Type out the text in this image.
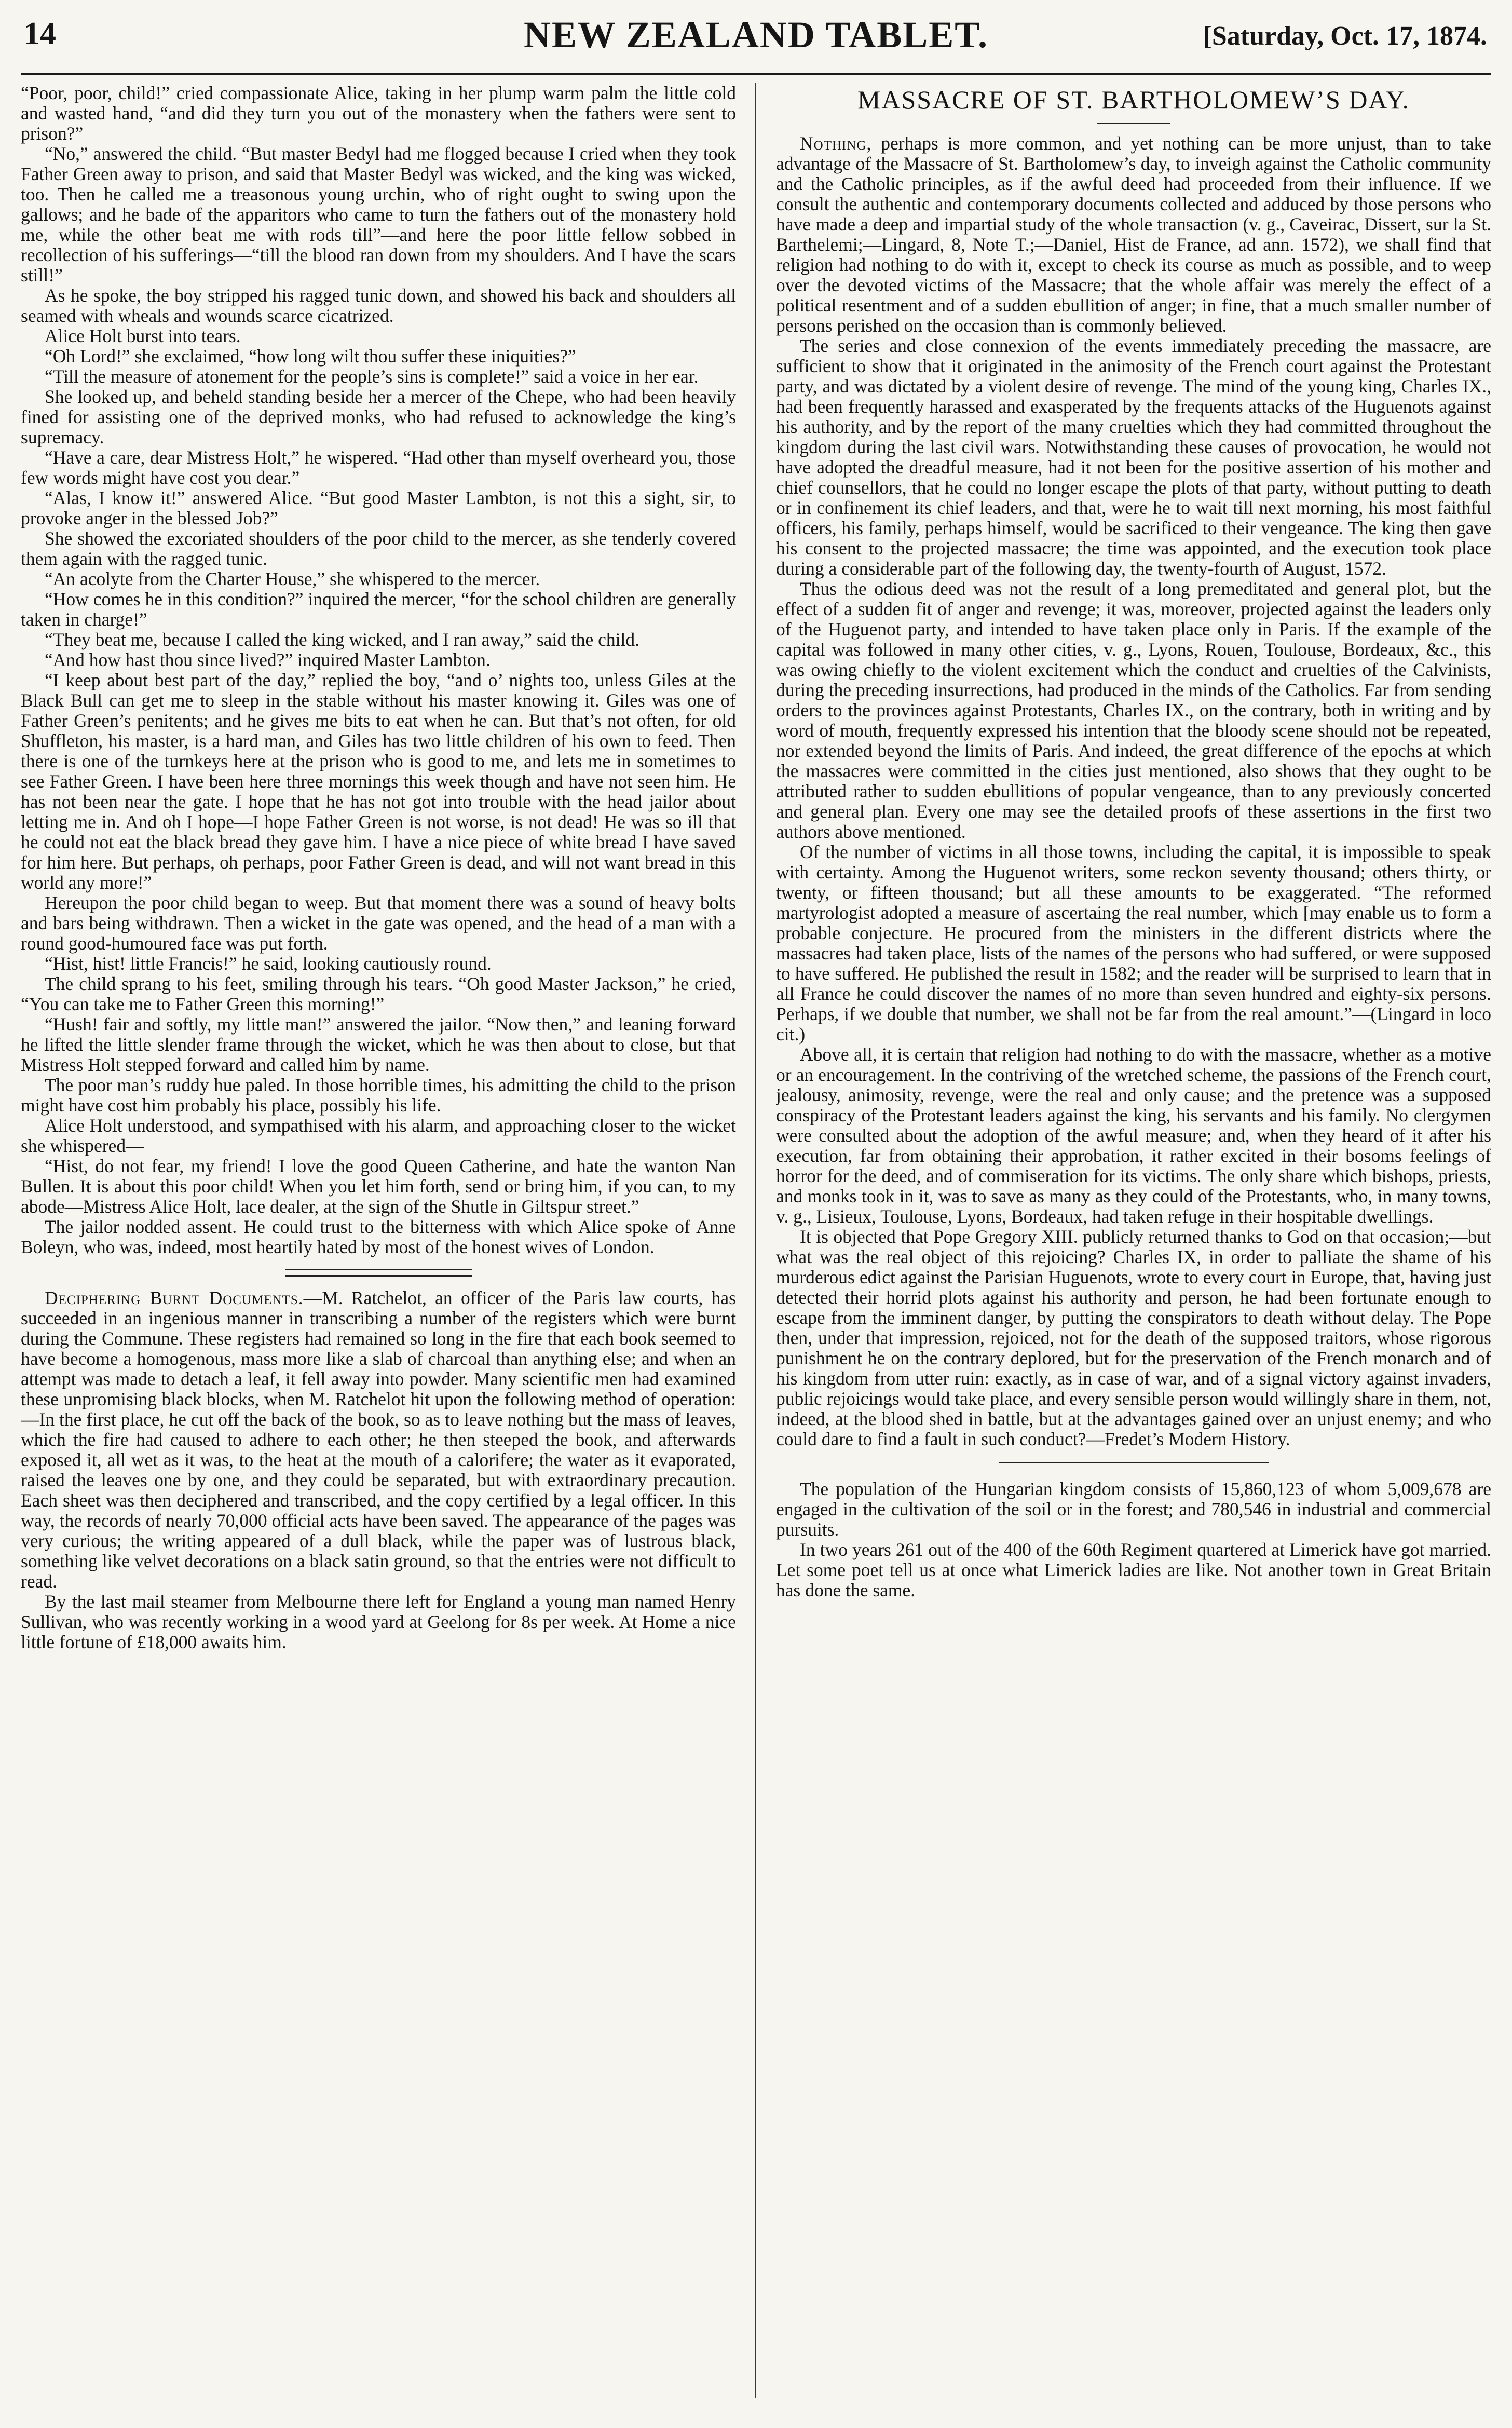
14	NEW ZEALAND TABLET.	[Saturday, Oct. 17, 1874.

“Poor, poor, child!” cried compassionate Alice, taking in her plump warm palm the little cold and wasted hand, “and did they turn you out of the monastery when the fathers were sent to prison?”

“No,” answered the child. “But master Bedyl had me flogged because I cried when they took Father Green away to prison, and said that Master Bedyl was wicked, and the king was wicked, too. Then he called me a treasonous young urchin, who of right ought to swing upon the gallows; and he bade of the apparitors who came to turn the fathers out of the monastery hold me, while the other beat me with rods till”—and here the poor little fellow sobbed in recollection of his sufferings—“till the blood ran down from my shoulders. And I have the scars still!”

As he spoke, the boy stripped his ragged tunic down, and showed his back and shoulders all seamed with wheals and wounds scarce cicatrized.

Alice Holt burst into tears.

“Oh Lord!” she exclaimed, “how long wilt thou suffer these iniquities?”

“Till the measure of atonement for the people’s sins is complete!” said a voice in her ear.

She looked up, and beheld standing beside her a mercer of the Chepe, who had been heavily fined for assisting one of the deprived monks, who had refused to acknowledge the king’s supremacy.

“Have a care, dear Mistress Holt,” he wispered. “Had other than myself overheard you, those few words might have cost you dear.”

“Alas, I know it!” answered Alice. “But good Master Lambton, is not this a sight, sir, to provoke anger in the blessed Job?”

She showed the excoriated shoulders of the poor child to the mercer, as she tenderly covered them again with the ragged tunic.

“An acolyte from the Charter House,” she whispered to the mercer.

“How comes he in this condition?” inquired the mercer, “for the school children are generally taken in charge!”

“They beat me, because I called the king wicked, and I ran away,” said the child.

“And how hast thou since lived?” inquired Master Lambton.

“I keep about best part of the day,” replied the boy, “and o’ nights too, unless Giles at the Black Bull can get me to sleep in the stable without his master knowing it. Giles was one of Father Green’s penitents; and he gives me bits to eat when he can. But that’s not often, for old Shuffleton, his master, is a hard man, and Giles has two little children of his own to feed. Then there is one of the turnkeys here at the prison who is good to me, and lets me in sometimes to see Father Green. I have been here three mornings this week though and have not seen him. He has not been near the gate. I hope that he has not got into trouble with the head jailor about letting me in. And oh I hope—I hope Father Green is not worse, is not dead! He was so ill that he could not eat the black bread they gave him. I have a nice piece of white bread I have saved for him here. But perhaps, oh perhaps, poor Father Green is dead, and will not want bread in this world any more!”

Hereupon the poor child began to weep. But that moment there was a sound of heavy bolts and bars being withdrawn. Then a wicket in the gate was opened, and the head of a man with a round good-humoured face was put forth.

“Hist, hist! little Francis!” he said, looking cautiously round.

The child sprang to his feet, smiling through his tears. “Oh good Master Jackson,” he cried, “You can take me to Father Green this morning!”

“Hush! fair and softly, my little man!” answered the jailor. “Now then,” and leaning forward he lifted the little slender frame through the wicket, which he was then about to close, but that Mistress Holt stepped forward and called him by name.

The poor man’s ruddy hue paled. In those horrible times, his admitting the child to the prison might have cost him probably his place, possibly his life.

Alice Holt understood, and sympathised with his alarm, and approaching closer to the wicket she whispered—

“Hist, do not fear, my friend! I love the good Queen Catherine, and hate the wanton Nan Bullen. It is about this poor child! When you let him forth, send or bring him, if you can, to my abode—Mistress Alice Holt, lace dealer, at the sign of the Shutle in Giltspur street.”

The jailor nodded assent. He could trust to the bitterness with which Alice spoke of Anne Boleyn, who was, indeed, most heartily hated by most of the honest wives of London.

Deciphering Burnt Documents.—M. Ratchelot, an officer of the Paris law courts, has succeeded in an ingenious manner in transcribing a number of the registers which were burnt during the Commune. These registers had remained so long in the fire that each book seemed to have become a homogenous, mass more like a slab of charcoal than anything else; and when an attempt was made to detach a leaf, it fell away into powder. Many scientific men had examined these unpromising black blocks, when M. Ratchelot hit upon the following method of operation:—In the first place, he cut off the back of the book, so as to leave nothing but the mass of leaves, which the fire had caused to adhere to each other; he then steeped the book, and afterwards exposed it, all wet as it was, to the heat at the mouth of a calorifere; the water as it evaporated, raised the leaves one by one, and they could be separated, but with extraordinary precaution. Each sheet was then deciphered and transcribed, and the copy certified by a legal officer. In this way, the records of nearly 70,000 official acts have been saved. The appearance of the pages was very curious; the writing appeared of a dull black, while the paper was of lustrous black, something like velvet decorations on a black satin ground, so that the entries were not difficult to read.

By the last mail steamer from Melbourne there left for England a young man named Henry Sullivan, who was recently working in a wood yard at Geelong for 8s per week. At Home a nice little fortune of £18,000 awaits him.

MASSACRE OF ST. BARTHOLOMEW’S DAY.

Nothing, perhaps is more common, and yet nothing can be more unjust, than to take advantage of the Massacre of St. Bartholomew’s day, to inveigh against the Catholic community and the Catholic principles, as if the awful deed had proceeded from their influence. If we consult the authentic and contemporary documents collected and adduced by those persons who have made a deep and impartial study of the whole transaction (v. g., Caveirac, Dissert, sur la St. Barthelemi;—Lingard, 8, Note T.;—Daniel, Hist de France, ad ann. 1572), we shall find that religion had nothing to do with it, except to check its course as much as possible, and to weep over the devoted victims of the Massacre; that the whole affair was merely the effect of a political resentment and of a sudden ebullition of anger; in fine, that a much smaller number of persons perished on the occasion than is commonly believed.

The series and close connexion of the events immediately preceding the massacre, are sufficient to show that it originated in the animosity of the French court against the Protestant party, and was dictated by a violent desire of revenge. The mind of the young king, Charles IX., had been frequently harassed and exasperated by the frequents attacks of the Huguenots against his authority, and by the report of the many cruelties which they had committed throughout the kingdom during the last civil wars. Notwithstanding these causes of provocation, he would not have adopted the dreadful measure, had it not been for the positive assertion of his mother and chief counsellors, that he could no longer escape the plots of that party, without putting to death or in confinement its chief leaders, and that, were he to wait till next morning, his most faithful officers, his family, perhaps himself, would be sacrificed to their vengeance. The king then gave his consent to the projected massacre; the time was appointed, and the execution took place during a considerable part of the following day, the twenty-fourth of August, 1572.

Thus the odious deed was not the result of a long premeditated and general plot, but the effect of a sudden fit of anger and revenge; it was, moreover, projected against the leaders only of the Huguenot party, and intended to have taken place only in Paris. If the example of the capital was followed in many other cities, v. g., Lyons, Rouen, Toulouse, Bordeaux, &c., this was owing chiefly to the violent excitement which the conduct and cruelties of the Calvinists, during the preceding insurrections, had produced in the minds of the Catholics. Far from sending orders to the provinces against Protestants, Charles IX., on the contrary, both in writing and by word of mouth, frequently expressed his intention that the bloody scene should not be repeated, nor extended beyond the limits of Paris. And indeed, the great difference of the epochs at which the massacres were committed in the cities just mentioned, also shows that they ought to be attributed rather to sudden ebullitions of popular vengeance, than to any previously concerted and general plan. Every one may see the detailed proofs of these assertions in the first two authors above mentioned.

Of the number of victims in all those towns, including the capital, it is impossible to speak with certainty. Among the Huguenot writers, some reckon seventy thousand; others thirty, or twenty, or fifteen thousand; but all these amounts to be exaggerated. “The reformed martyrologist adopted a measure of ascertaing the real number, which [may enable us to form a probable conjecture. He procured from the ministers in the different districts where the massacres had taken place, lists of the names of the persons who had suffered, or were supposed to have suffered. He published the result in 1582; and the reader will be surprised to learn that in all France he could discover the names of no more than seven hundred and eighty-six persons. Perhaps, if we double that number, we shall not be far from the real amount.”—(Lingard in loco cit.)

Above all, it is certain that religion had nothing to do with the massacre, whether as a motive or an encouragement. In the contriving of the wretched scheme, the passions of the French court, jealousy, animosity, revenge, were the real and only cause; and the pretence was a supposed conspiracy of the Protestant leaders against the king, his servants and his family. No clergymen were consulted about the adoption of the awful measure; and, when they heard of it after his execution, far from obtaining their approbation, it rather excited in their bosoms feelings of horror for the deed, and of commiseration for its victims. The only share which bishops, priests, and monks took in it, was to save as many as they could of the Protestants, who, in many towns, v. g., Lisieux, Toulouse, Lyons, Bordeaux, had taken refuge in their hospitable dwellings.

It is objected that Pope Gregory XIII. publicly returned thanks to God on that occasion;—but what was the real object of this rejoicing? Charles IX, in order to palliate the shame of his murderous edict against the Parisian Huguenots, wrote to every court in Europe, that, having just detected their horrid plots against his authority and person, he had been fortunate enough to escape from the imminent danger, by putting the conspirators to death without delay. The Pope then, under that impression, rejoiced, not for the death of the supposed traitors, whose rigorous punishment he on the contrary deplored, but for the preservation of the French monarch and of his kingdom from utter ruin: exactly, as in case of war, and of a signal victory against invaders, public rejoicings would take place, and every sensible person would willingly share in them, not, indeed, at the blood shed in battle, but at the advantages gained over an unjust enemy; and who could dare to find a fault in such conduct?—Fredet’s Modern History.

The population of the Hungarian kingdom consists of 15,860,123 of whom 5,009,678 are engaged in the cultivation of the soil or in the forest; and 780,546 in industrial and commercial pursuits.

In two years 261 out of the 400 of the 60th Regiment quartered at Limerick have got married. Let some poet tell us at once what Limerick ladies are like. Not another town in Great Britain has done the same.
